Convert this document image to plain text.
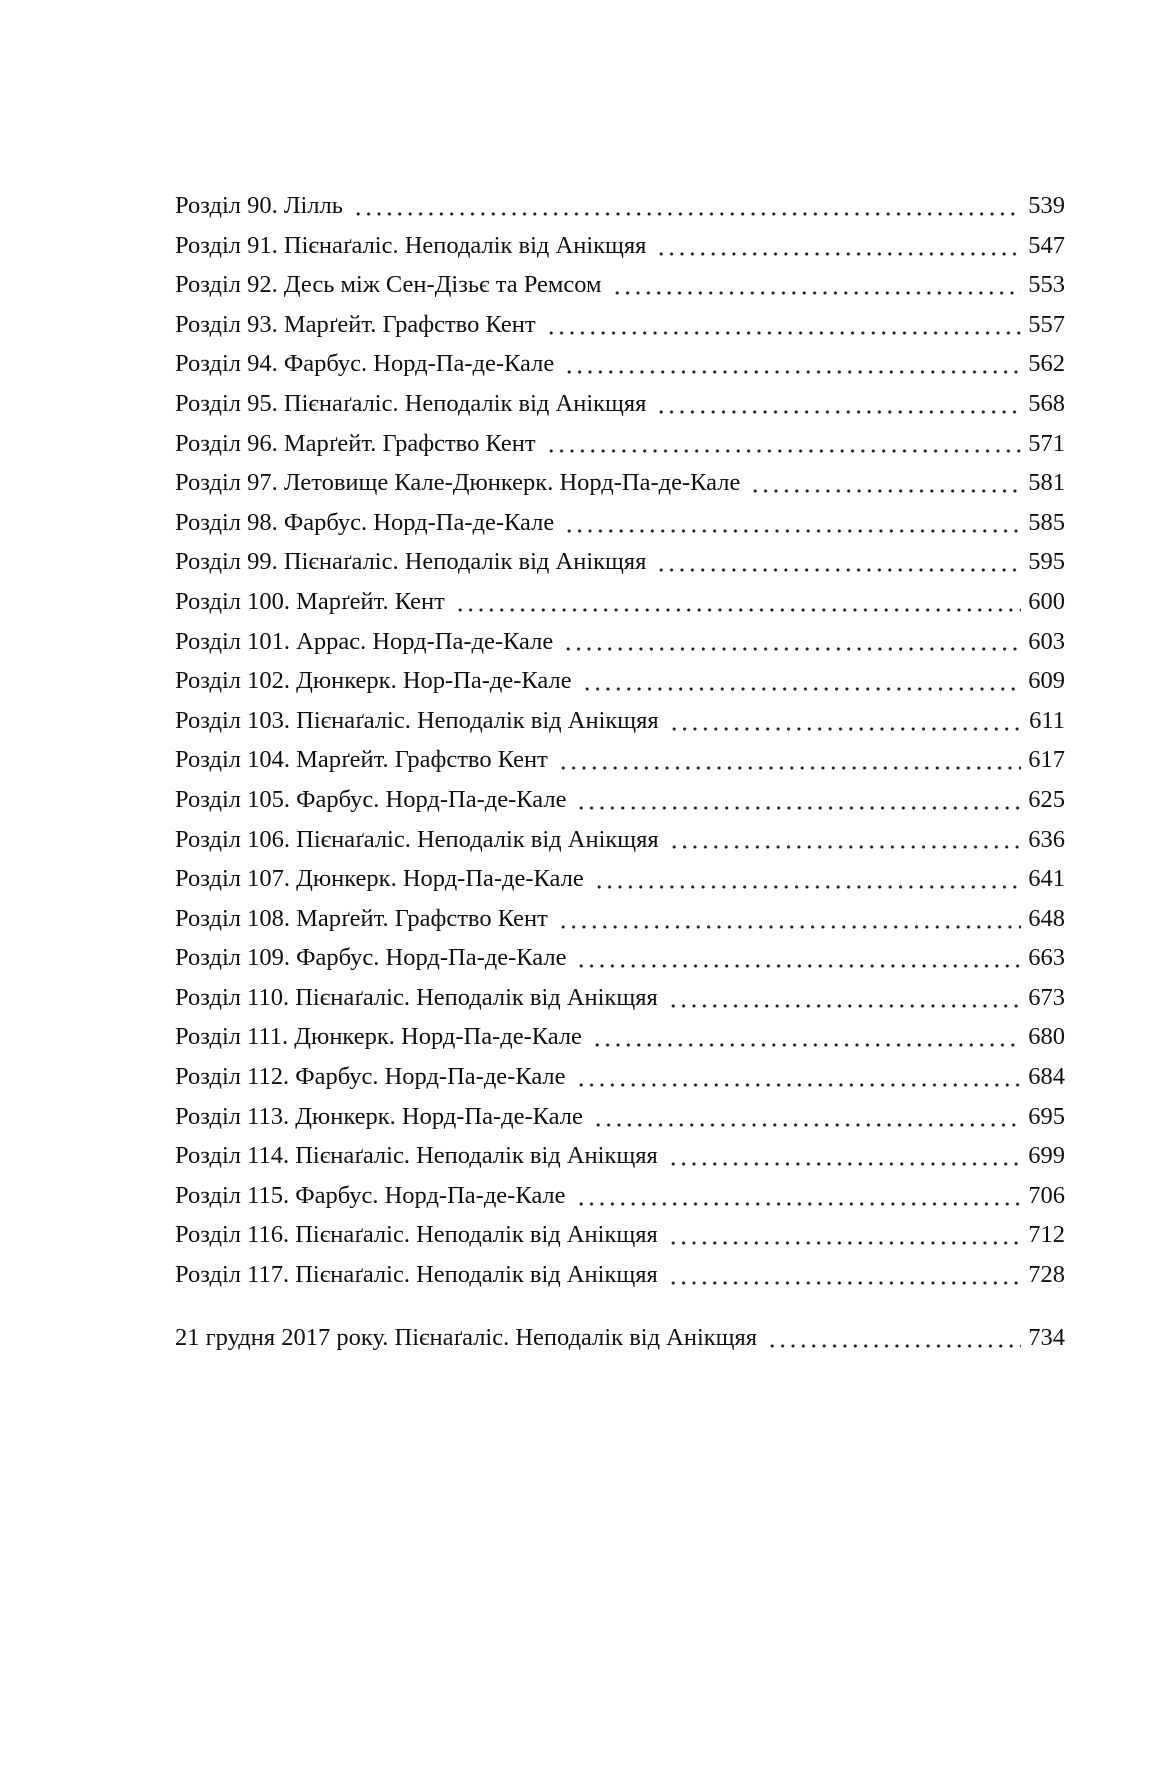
Розділ 90. Лілль	539
Розділ 91. Пієнаґаліс. Неподалік від Анікщяя	547
Розділ 92. Десь між Сен-Дізьє та Ремсом	553
Розділ 93. Марґейт. Графство Кент	557
Розділ 94. Фарбус. Норд-Па-де-Кале	562
Розділ 95. Пієнаґаліс. Неподалік від Анікщяя	568
Розділ 96. Марґейт. Графство Кент	571
Розділ 97. Летовище Кале-Дюнкерк. Норд-Па-де-Кале	581
Розділ 98. Фарбус. Норд-Па-де-Кале	585
Розділ 99. Пієнаґаліс. Неподалік від Анікщяя	595
Розділ 100. Марґейт. Кент	600
Розділ 101. Аррас. Норд-Па-де-Кале	603
Розділ 102. Дюнкерк. Нор-Па-де-Кале	609
Розділ 103. Пієнаґаліс. Неподалік від Анікщяя	611
Розділ 104. Марґейт. Графство Кент	617
Розділ 105. Фарбус. Норд-Па-де-Кале	625
Розділ 106. Пієнаґаліс. Неподалік від Анікщяя	636
Розділ 107. Дюнкерк. Норд-Па-де-Кале	641
Розділ 108. Марґейт. Графство Кент	648
Розділ 109. Фарбус. Норд-Па-де-Кале	663
Розділ 110. Пієнаґаліс. Неподалік від Анікщяя	673
Розділ 111. Дюнкерк. Норд-Па-де-Кале	680
Розділ 112. Фарбус. Норд-Па-де-Кале	684
Розділ 113. Дюнкерк. Норд-Па-де-Кале	695
Розділ 114. Пієнаґаліс. Неподалік від Анікщяя	699
Розділ 115. Фарбус. Норд-Па-де-Кале	706
Розділ 116. Пієнаґаліс. Неподалік від Анікщяя	712
Розділ 117. Пієнаґаліс. Неподалік від Анікщяя	728
21 грудня 2017 року. Пієнаґаліс. Неподалік від Анікщяя	734
